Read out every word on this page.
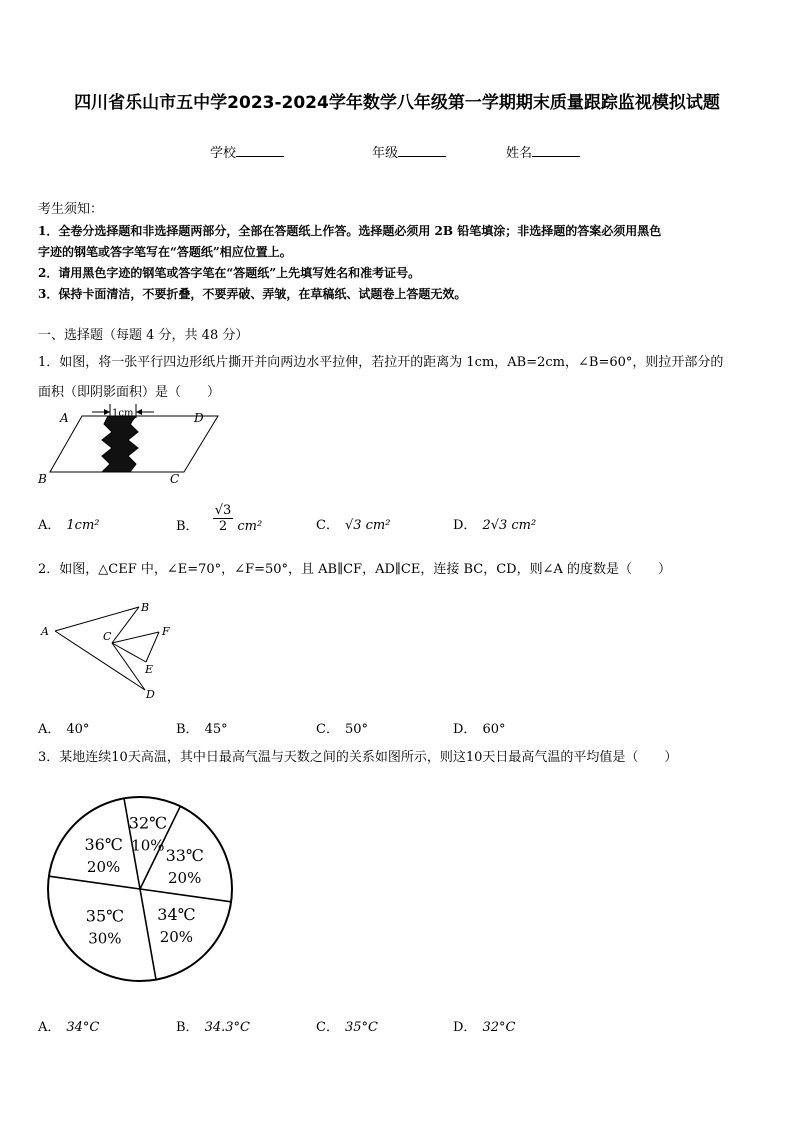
四川省乐山市五中学2023-2024学年数学八年级第一学期期末质量跟踪监视模拟试题
学校	年级	姓名
考生须知：
1．全卷分选择题和非选择题两部分，全部在答题纸上作答。选择题必须用 2B 铅笔填涂；非选择题的答案必须用黑色
字迹的钢笔或答字笔写在“答题纸”相应位置上。
2．请用黑色字迹的钢笔或答字笔在“答题纸”上先填写姓名和准考证号。
3．保持卡面清洁，不要折叠，不要弄破、弄皱，在草稿纸、试题卷上答题无效。
一、选择题（每题 4 分，共 48 分）
1．如图，将一张平行四边形纸片撕开并向两边水平拉伸，若拉开的距离为 1cm，AB=2cm，∠B=60°，则拉开部分的
面积（即阴影面积）是（　　）
1cm
A	D
B	C
A． 1cm²	B． $\frac{√3}{2} cm^2$	C． √3 cm²	D． 2√3 cm²
2．如图，△CEF 中，∠E=70°，∠F=50°，且 AB∥CF，AD∥CE，连接 BC，CD，则∠A 的度数是（　　）
A
B
C	F
E
D
A． 40°	B． 45°	C． 50°	D． 60°
3．某地连续10天高温，其中日最高气温与天数之间的关系如图所示，则这10天日最高气温的平均值是（　　）
32℃
10%
33℃
20%
34℃
20%
35℃
30%
36℃
20%
A． 34°C	B． 34.3°C	C． 35°C	D． 32°C
